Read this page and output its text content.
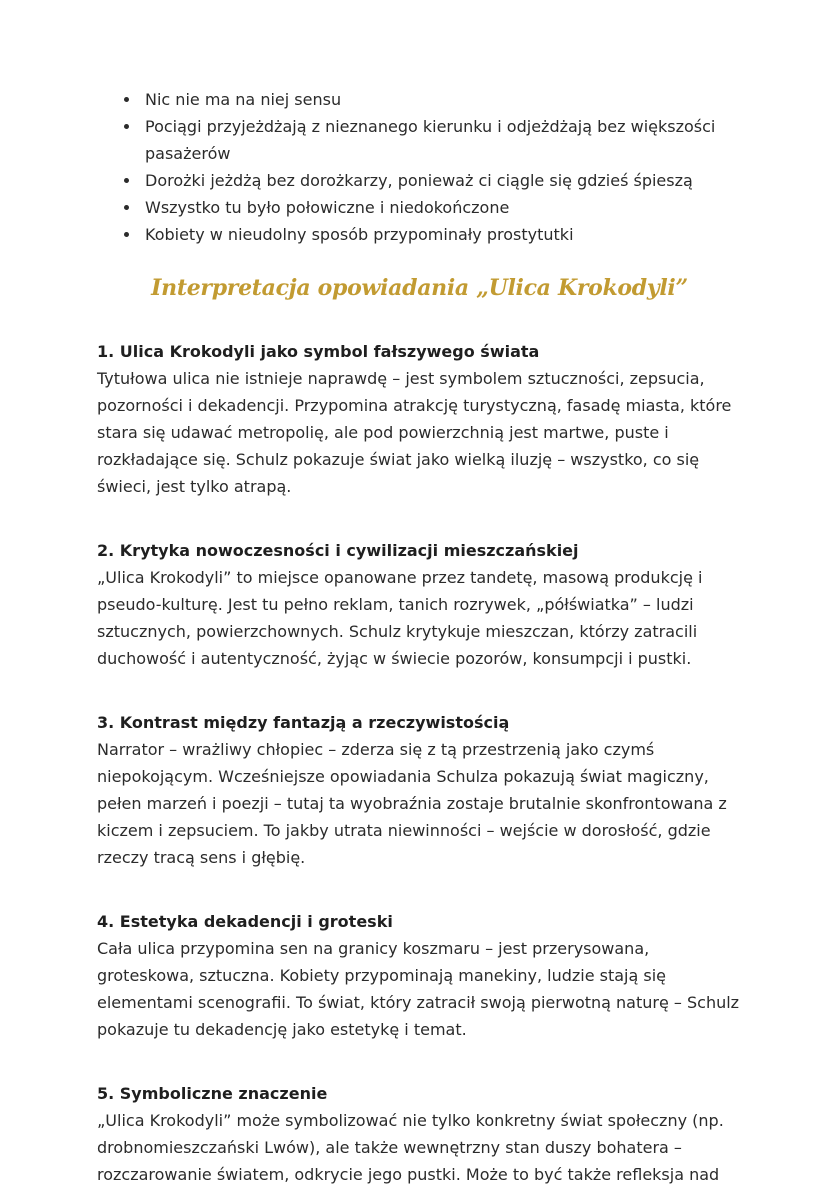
• Nic nie ma na niej sensu
• Pociągi przyjeżdżają z nieznanego kierunku i odjeżdżają bez większości pasażerów
• Dorożki jeżdżą bez dorożkarzy, ponieważ ci ciągle się gdzieś śpieszą
• Wszystko tu było połowiczne i niedokończone
• Kobiety w nieudolny sposób przypominały prostytutki
Interpretacja opowiadania „Ulica Krokodyli”
1. Ulica Krokodyli jako symbol fałszywego świata

Tytułowa ulica nie istnieje naprawdę – jest symbolem sztuczności, zepsucia, pozorności i dekadencji. Przypomina atrakcję turystyczną, fasadę miasta, które stara się udawać metropolię, ale pod powierzchnią jest martwe, puste i rozkładające się. Schulz pokazuje świat jako wielką iluzję – wszystko, co się świeci, jest tylko atrapą.

2. Krytyka nowoczesności i cywilizacji mieszczańskiej

„Ulica Krokodyli” to miejsce opanowane przez tandetę, masową produkcję i pseudo-kulturę. Jest tu pełno reklam, tanich rozrywek, „półświatka” – ludzi sztucznych, powierzchownych. Schulz krytykuje mieszczan, którzy zatracili duchowość i autentyczność, żyjąc w świecie pozorów, konsumpcji i pustki.

3. Kontrast między fantazją a rzeczywistością

Narrator – wrażliwy chłopiec – zderza się z tą przestrzenią jako czymś niepokojącym. Wcześniejsze opowiadania Schulza pokazują świat magiczny, pełen marzeń i poezji – tutaj ta wyobraźnia zostaje brutalnie skonfrontowana z kiczem i zepsuciem. To jakby utrata niewinności – wejście w dorosłość, gdzie rzeczy tracą sens i głębię.

4. Estetyka dekadencji i groteski

Cała ulica przypomina sen na granicy koszmaru – jest przerysowana, groteskowa, sztuczna. Kobiety przypominają manekiny, ludzie stają się elementami scenografii. To świat, który zatracił swoją pierwotną naturę – Schulz pokazuje tu dekadencję jako estetykę i temat.

5. Symboliczne znaczenie

„Ulica Krokodyli” może symbolizować nie tylko konkretny świat społeczny (np. drobnomieszczański Lwów), ale także wewnętrzny stan duszy bohatera – rozczarowanie światem, odkrycie jego pustki. Może to być także refleksja nad
